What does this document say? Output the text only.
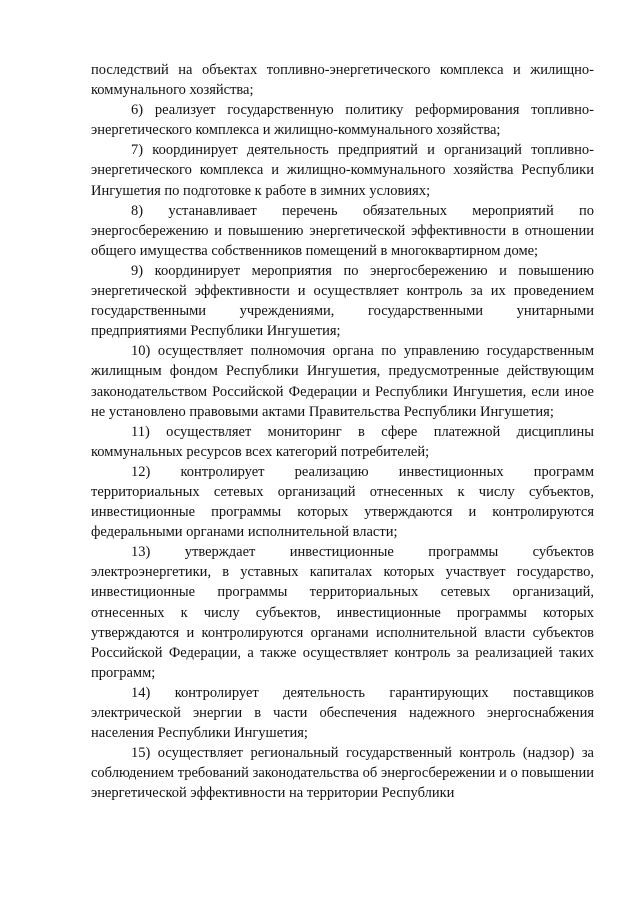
последствий на объектах топливно-энергетического комплекса и жилищно-коммунального хозяйства;

6) реализует государственную политику реформирования топливно-энергетического комплекса и жилищно-коммунального хозяйства;

7) координирует деятельность предприятий и организаций топливно-энергетического комплекса и жилищно-коммунального хозяйства Республики Ингушетия по подготовке к работе в зимних условиях;

8) устанавливает перечень обязательных мероприятий по энергосбережению и повышению энергетической эффективности в отношении общего имущества собственников помещений в многоквартирном доме;

9) координирует мероприятия по энергосбережению и повышению энергетической эффективности и осуществляет контроль за их проведением государственными учреждениями, государственными унитарными предприятиями Республики Ингушетия;

10) осуществляет полномочия органа по управлению государственным жилищным фондом Республики Ингушетия, предусмотренные действующим законодательством Российской Федерации и Республики Ингушетия, если иное не установлено правовыми актами Правительства Республики Ингушетия;

11) осуществляет мониторинг в сфере платежной дисциплины коммунальных ресурсов всех категорий потребителей;

12) контролирует реализацию инвестиционных программ территориальных сетевых организаций отнесенных к числу субъектов, инвестиционные программы которых утверждаются и контролируются федеральными органами исполнительной власти;

13) утверждает инвестиционные программы субъектов электроэнергетики, в уставных капиталах которых участвует государство, инвестиционные программы территориальных сетевых организаций, отнесенных к числу субъектов, инвестиционные программы которых утверждаются и контролируются органами исполнительной власти субъектов Российской Федерации, а также осуществляет контроль за реализацией таких программ;

14) контролирует деятельность гарантирующих поставщиков электрической энергии в части обеспечения надежного энергоснабжения населения Республики Ингушетия;

15) осуществляет региональный государственный контроль (надзор) за соблюдением требований законодательства об энергосбережении и о повышении энергетической эффективности на территории Республики
